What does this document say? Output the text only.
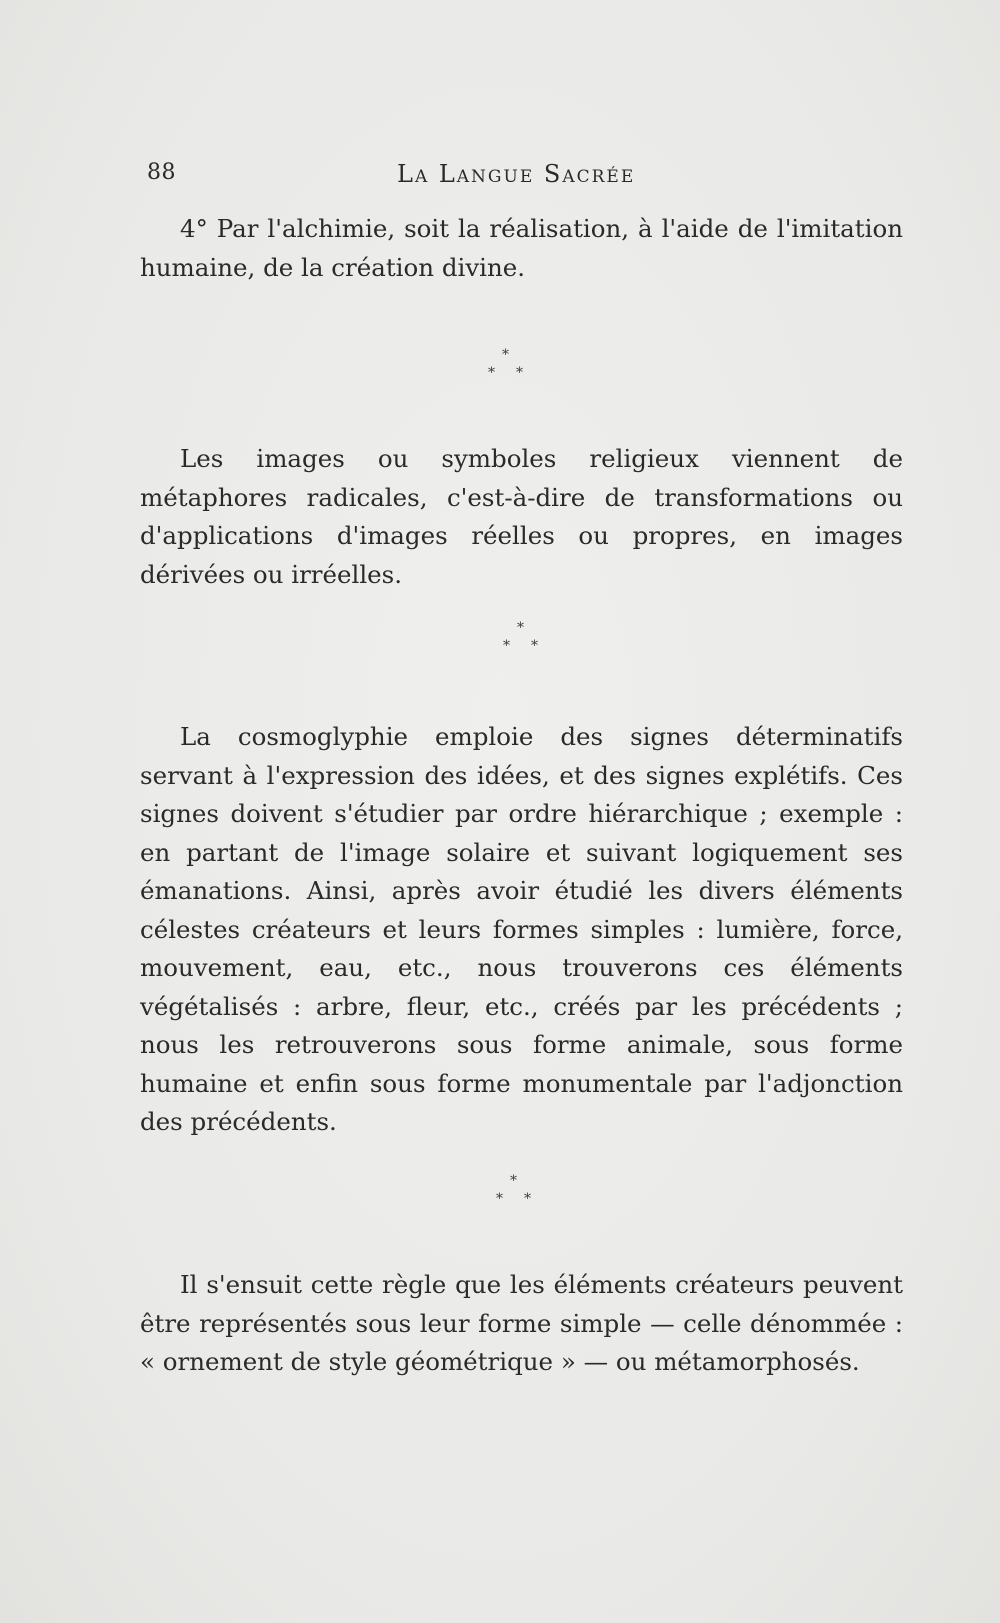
88	La Langue Sacrée

4° Par l'alchimie, soit la réalisation, à l'aide de l'imitation humaine, de la création divine.

*
* *

Les images ou symboles religieux viennent de métaphores radicales, c'est-à-dire de transformations ou d'applications d'images réelles ou propres, en images dérivées ou irréelles.

*
* *

La cosmoglyphie emploie des signes déterminatifs servant à l'expression des idées, et des signes explétifs. Ces signes doivent s'étudier par ordre hiérarchique ; exemple : en partant de l'image solaire et suivant logiquement ses émanations. Ainsi, après avoir étudié les divers éléments célestes créateurs et leurs formes simples : lumière, force, mouvement, eau, etc., nous trouverons ces éléments végétalisés : arbre, fleur, etc., créés par les précédents ; nous les retrouverons sous forme animale, sous forme humaine et enfin sous forme monumentale par l'adjonction des précédents.

*
* *

Il s'ensuit cette règle que les éléments créateurs peuvent être représentés sous leur forme simple — celle dénommée : « ornement de style géométrique » — ou métamorphosés.
